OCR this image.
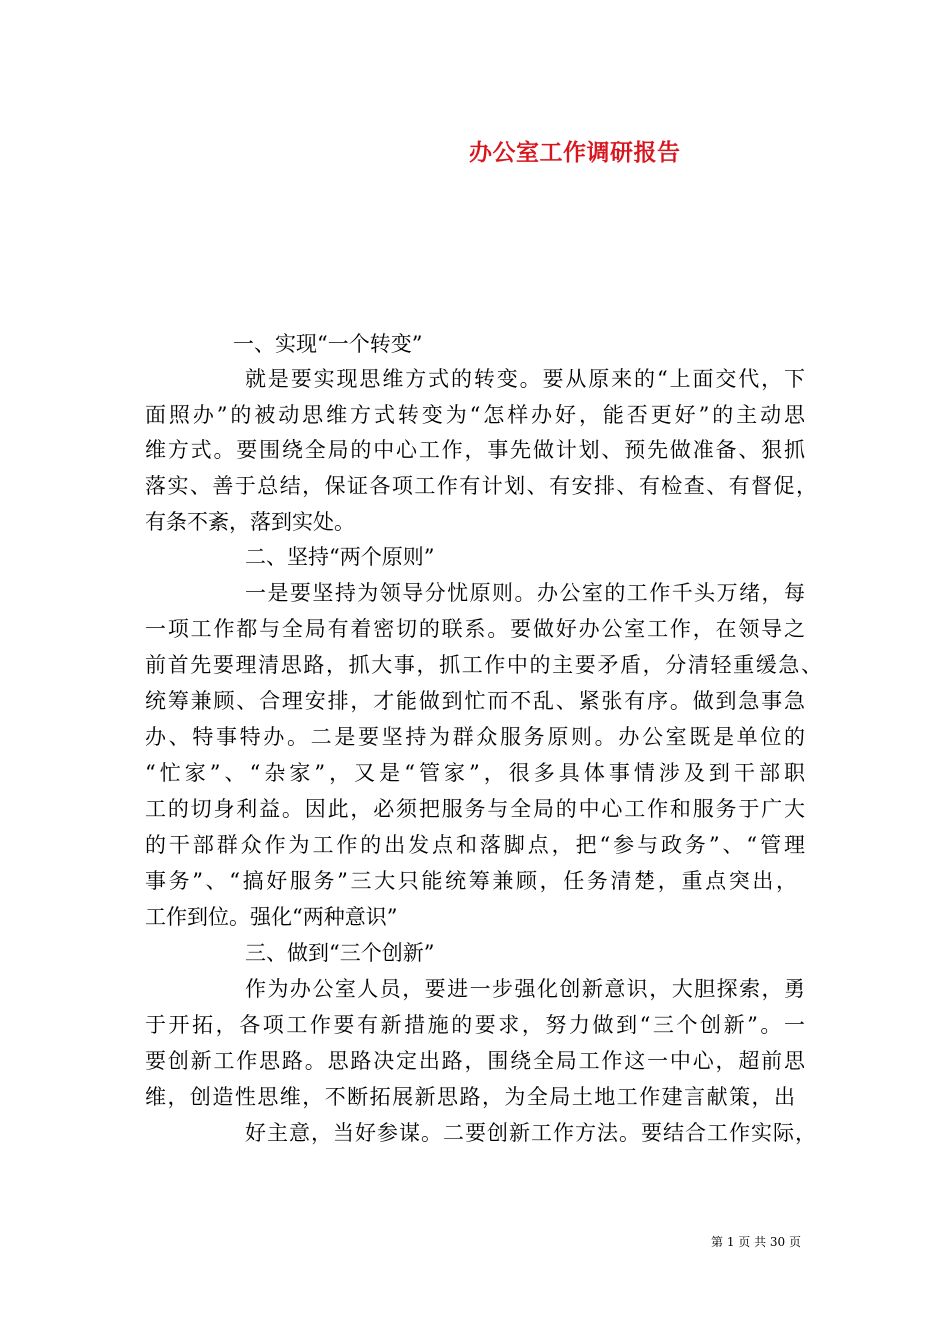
办公室工作调研报告
一、实现“一个转变”
就是要实现思维方式的转变。要从原来的“上面交代，下
面照办”的被动思维方式转变为“怎样办好，能否更好”的主动思
维方式。要围绕全局的中心工作，事先做计划、预先做准备、狠抓
落实、善于总结，保证各项工作有计划、有安排、有检查、有督促，
有条不紊，落到实处。
二、坚持“两个原则”
一是要坚持为领导分忧原则。办公室的工作千头万绪，每
一项工作都与全局有着密切的联系。要做好办公室工作，在领导之
前首先要理清思路，抓大事，抓工作中的主要矛盾，分清轻重缓急、
统筹兼顾、合理安排，才能做到忙而不乱、紧张有序。做到急事急
办、特事特办。二是要坚持为群众服务原则。办公室既是单位的
“忙家”、“杂家”，又是“管家”，很多具体事情涉及到干部职
工的切身利益。因此，必须把服务与全局的中心工作和服务于广大
的干部群众作为工作的出发点和落脚点，把“参与政务”、“管理
事务”、“搞好服务”三大只能统筹兼顾，任务清楚，重点突出，
工作到位。强化“两种意识”
三、做到“三个创新”
作为办公室人员，要进一步强化创新意识，大胆探索，勇
于开拓，各项工作要有新措施的要求，努力做到“三个创新”。一
要创新工作思路。思路决定出路，围绕全局工作这一中心，超前思
维，创造性思维，不断拓展新思路，为全局土地工作建言献策，出
好主意，当好参谋。二要创新工作方法。要结合工作实际，
第 1 页 共 30 页
